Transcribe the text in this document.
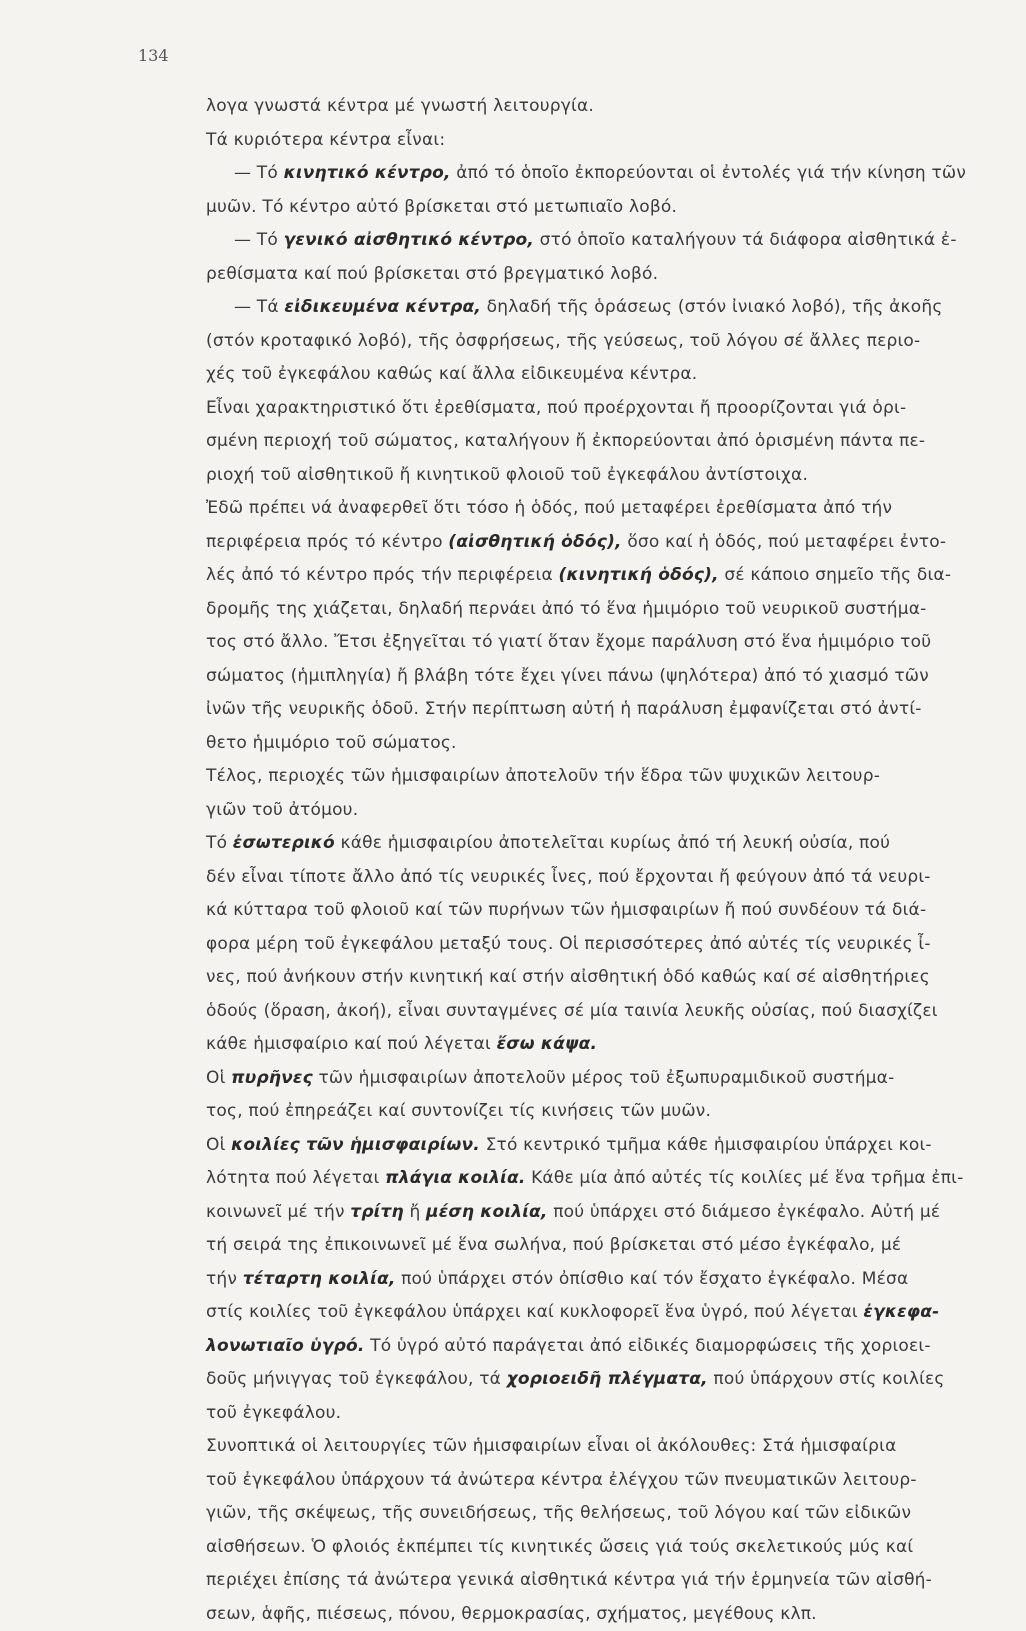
134
λογα γνωστά κέντρα μέ γνωστή λειτουργία.
Τά κυριότερα κέντρα εἶναι:
— Τό κινητικό κέντρο, ἀπό τό ὁποῖο ἐκπορεύονται οἱ ἐντολές γιά τήν κίνηση τῶν
μυῶν. Τό κέντρο αὐτό βρίσκεται στό μετωπιαῖο λοβό.
— Τό γενικό αἰσθητικό κέντρο, στό ὁποῖο καταλήγουν τά διάφορα αἰσθητικά ἐ-
ρεθίσματα καί πού βρίσκεται στό βρεγματικό λοβό.
— Τά εἰδικευμένα κέντρα, δηλαδή τῆς ὁράσεως (στόν ἰνιακό λοβό), τῆς ἀκοῆς
(στόν κροταφικό λοβό), τῆς ὀσφρήσεως, τῆς γεύσεως, τοῦ λόγου σέ ἄλλες περιο-
χές τοῦ ἐγκεφάλου καθώς καί ἄλλα εἰδικευμένα κέντρα.
Εἶναι χαρακτηριστικό ὅτι ἐρεθίσματα, πού προέρχονται ἤ προορίζονται γιά ὁρι-
σμένη περιοχή τοῦ σώματος, καταλήγουν ἤ ἐκπορεύονται ἀπό ὁρισμένη πάντα πε-
ριοχή τοῦ αἰσθητικοῦ ἤ κινητικοῦ φλοιοῦ τοῦ ἐγκεφάλου ἀντίστοιχα.
Ἐδῶ πρέπει νά ἀναφερθεῖ ὅτι τόσο ἡ ὁδός, πού μεταφέρει ἐρεθίσματα ἀπό τήν
περιφέρεια πρός τό κέντρο (αἰσθητική ὁδός), ὅσο καί ἡ ὁδός, πού μεταφέρει ἐντο-
λές ἀπό τό κέντρο πρός τήν περιφέρεια (κινητική ὁδός), σέ κάποιο σημεῖο τῆς δια-
δρομῆς της χιάζεται, δηλαδή περνάει ἀπό τό ἕνα ἡμιμόριο τοῦ νευρικοῦ συστήμα-
τος στό ἄλλο. Ἔτσι ἐξηγεῖται τό γιατί ὅταν ἔχομε παράλυση στό ἕνα ἡμιμόριο τοῦ
σώματος (ἡμιπληγία) ἤ βλάβη τότε ἔχει γίνει πάνω (ψηλότερα) ἀπό τό χιασμό τῶν
ἰνῶν τῆς νευρικῆς ὁδοῦ. Στήν περίπτωση αὐτή ἡ παράλυση ἐμφανίζεται στό ἀντί-
θετο ἡμιμόριο τοῦ σώματος.
Τέλος, περιοχές τῶν ἡμισφαιρίων ἀποτελοῦν τήν ἕδρα τῶν ψυχικῶν λειτουρ-
γιῶν τοῦ ἀτόμου.
Τό ἐσωτερικό κάθε ἡμισφαιρίου ἀποτελεῖται κυρίως ἀπό τή λευκή οὐσία, πού
δέν εἶναι τίποτε ἄλλο ἀπό τίς νευρικές ἶνες, πού ἔρχονται ἤ φεύγουν ἀπό τά νευρι-
κά κύτταρα τοῦ φλοιοῦ καί τῶν πυρήνων τῶν ἡμισφαιρίων ἤ πού συνδέουν τά διά-
φορα μέρη τοῦ ἐγκεφάλου μεταξύ τους. Οἱ περισσότερες ἀπό αὐτές τίς νευρικές ἶ-
νες, πού ἀνήκουν στήν κινητική καί στήν αἰσθητική ὁδό καθώς καί σέ αἰσθητήριες
ὁδούς (ὅραση, ἀκοή), εἶναι συνταγμένες σέ μία ταινία λευκῆς οὐσίας, πού διασχίζει
κάθε ἡμισφαίριο καί πού λέγεται ἔσω κάψα.
Οἱ πυρῆνες τῶν ἡμισφαιρίων ἀποτελοῦν μέρος τοῦ ἐξωπυραμιδικοῦ συστήμα-
τος, πού ἐπηρεάζει καί συντονίζει τίς κινήσεις τῶν μυῶν.
Οἱ κοιλίες τῶν ἡμισφαιρίων. Στό κεντρικό τμῆμα κάθε ἡμισφαιρίου ὑπάρχει κοι-
λότητα πού λέγεται πλάγια κοιλία. Κάθε μία ἀπό αὐτές τίς κοιλίες μέ ἕνα τρῆμα ἐπι-
κοινωνεῖ μέ τήν τρίτη ἤ μέση κοιλία, πού ὑπάρχει στό διάμεσο ἐγκέφαλο. Αὐτή μέ
τή σειρά της ἐπικοινωνεῖ μέ ἕνα σωλήνα, πού βρίσκεται στό μέσο ἐγκέφαλο, μέ
τήν τέταρτη κοιλία, πού ὑπάρχει στόν ὀπίσθιο καί τόν ἔσχατο ἐγκέφαλο. Μέσα
στίς κοιλίες τοῦ ἐγκεφάλου ὑπάρχει καί κυκλοφορεῖ ἕνα ὑγρό, πού λέγεται ἐγκεφα-
λονωτιαῖο ὑγρό. Τό ὑγρό αὐτό παράγεται ἀπό εἰδικές διαμορφώσεις τῆς χοριοει-
δοῦς μήνιγγας τοῦ ἐγκεφάλου, τά χοριοειδῆ πλέγματα, πού ὑπάρχουν στίς κοιλίες
τοῦ ἐγκεφάλου.
Συνοπτικά οἱ λειτουργίες τῶν ἡμισφαιρίων εἶναι οἱ ἀκόλουθες: Στά ἡμισφαίρια
τοῦ ἐγκεφάλου ὑπάρχουν τά ἀνώτερα κέντρα ἐλέγχου τῶν πνευματικῶν λειτουρ-
γιῶν, τῆς σκέψεως, τῆς συνειδήσεως, τῆς θελήσεως, τοῦ λόγου καί τῶν εἰδικῶν
αἰσθήσεων. Ὁ φλοιός ἐκπέμπει τίς κινητικές ὤσεις γιά τούς σκελετικούς μύς καί
περιέχει ἐπίσης τά ἀνώτερα γενικά αἰσθητικά κέντρα γιά τήν ἑρμηνεία τῶν αἰσθή-
σεων, ἁφῆς, πιέσεως, πόνου, θερμοκρασίας, σχήματος, μεγέθους κλπ.
